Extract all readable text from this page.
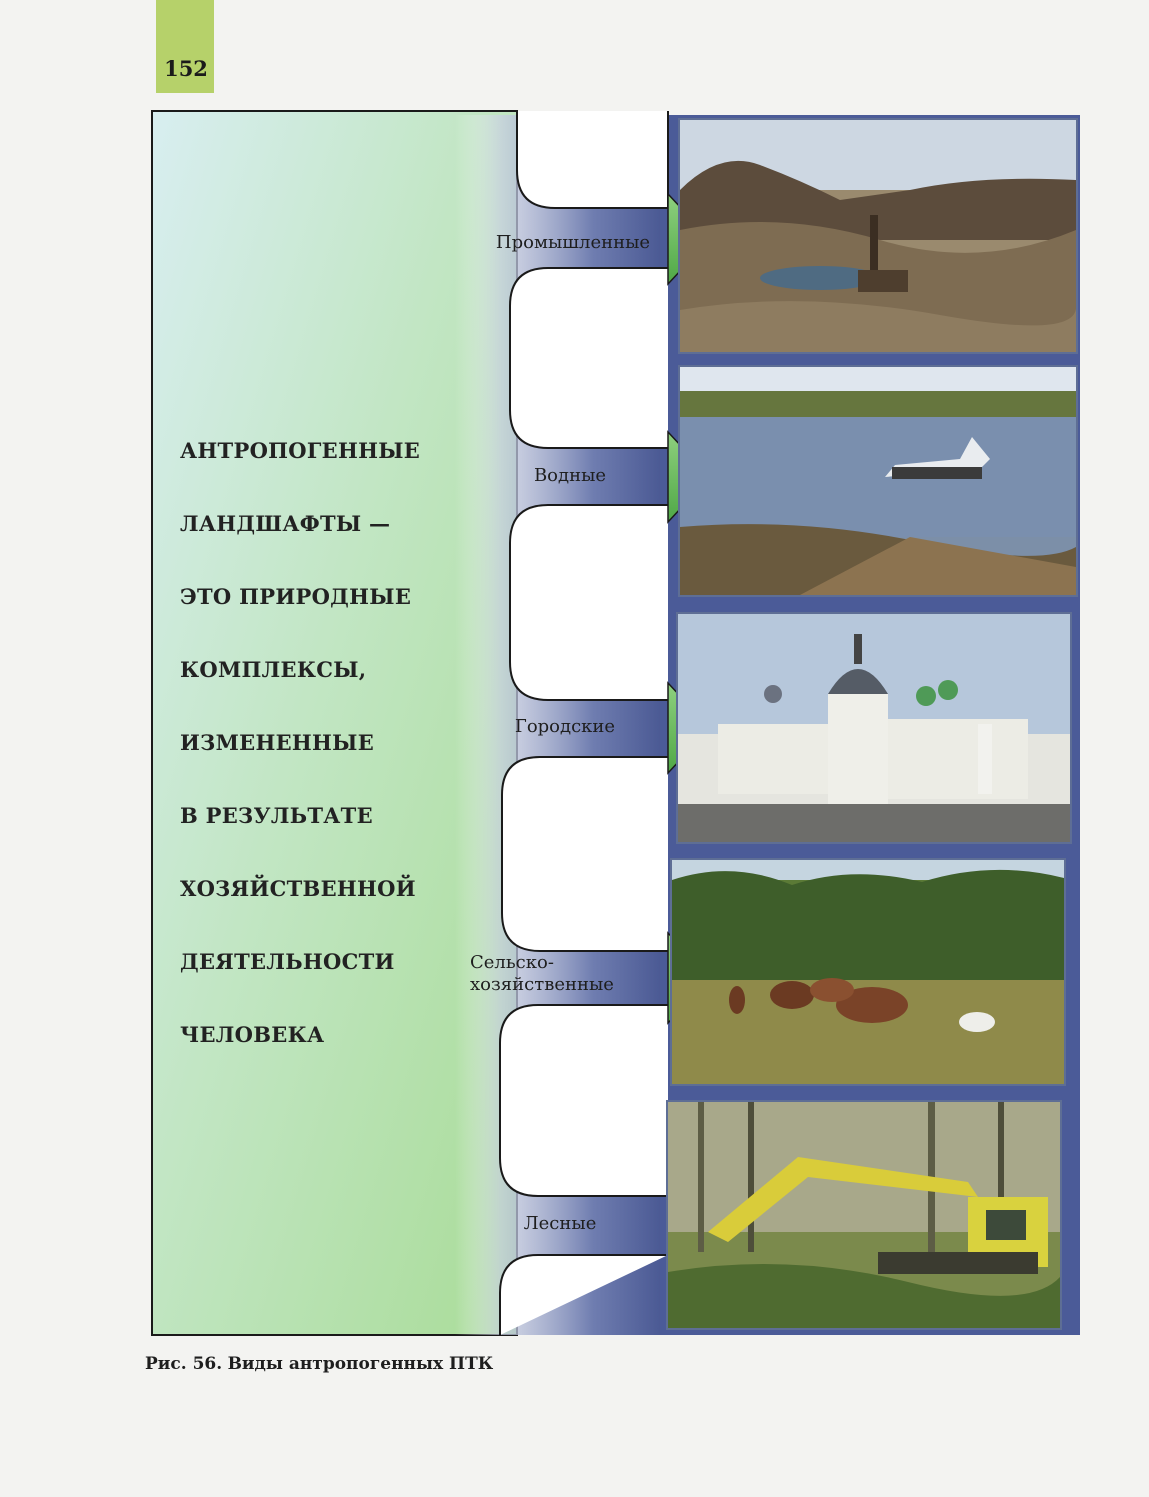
152
АНТРОПОГЕННЫЕ
ЛАНДШАФТЫ —
ЭТО ПРИРОДНЫЕ
КОМПЛЕКСЫ,
ИЗМЕНЕННЫЕ
В РЕЗУЛЬТАТЕ
ХОЗЯЙСТВЕННОЙ
ДЕЯТЕЛЬНОСТИ
ЧЕЛОВЕКА
Промышленные
Водные
Городские
Сельско-
хозяйственные
Лесные
Рис. 56. Виды антропогенных ПТК
